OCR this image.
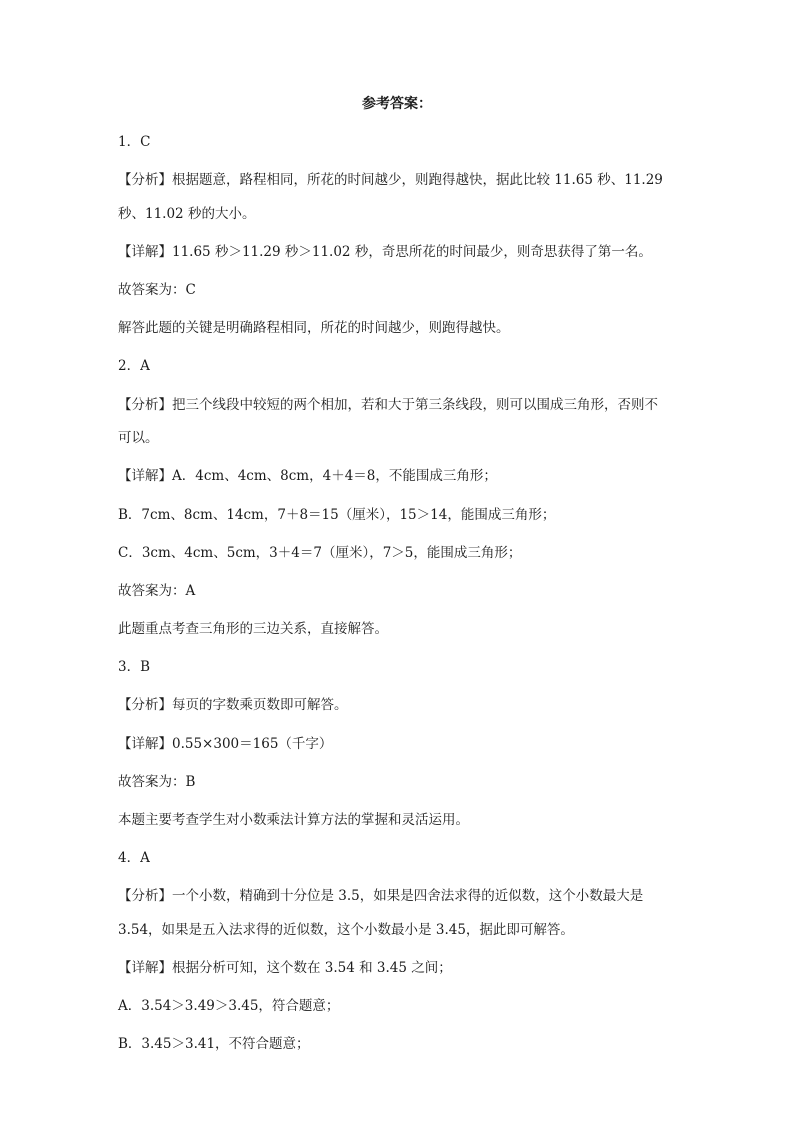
参考答案：
1．C
【分析】根据题意，路程相同，所花的时间越少，则跑得越快，据此比较 11.65 秒、11.29
秒、11.02 秒的大小。
【详解】11.65 秒＞11.29 秒＞11.02 秒，奇思所花的时间最少，则奇思获得了第一名。
故答案为：C
解答此题的关键是明确路程相同，所花的时间越少，则跑得越快。
2．A
【分析】把三个线段中较短的两个相加，若和大于第三条线段，则可以围成三角形，否则不
可以。
【详解】A．4cm、4cm、8cm，4＋4＝8，不能围成三角形；
B．7cm、8cm、14cm，7＋8＝15（厘米），15＞14，能围成三角形；
C．3cm、4cm、5cm，3＋4＝7（厘米），7＞5，能围成三角形；
故答案为：A
此题重点考查三角形的三边关系，直接解答。
3．B
【分析】每页的字数乘页数即可解答。
【详解】0.55×300＝165（千字）
故答案为：B
本题主要考查学生对小数乘法计算方法的掌握和灵活运用。
4．A
【分析】一个小数，精确到十分位是 3.5，如果是四舍法求得的近似数，这个小数最大是
3.54，如果是五入法求得的近似数，这个小数最小是 3.45，据此即可解答。
【详解】根据分析可知，这个数在 3.54 和 3.45 之间；
A．3.54＞3.49＞3.45，符合题意；
B．3.45＞3.41，不符合题意；
